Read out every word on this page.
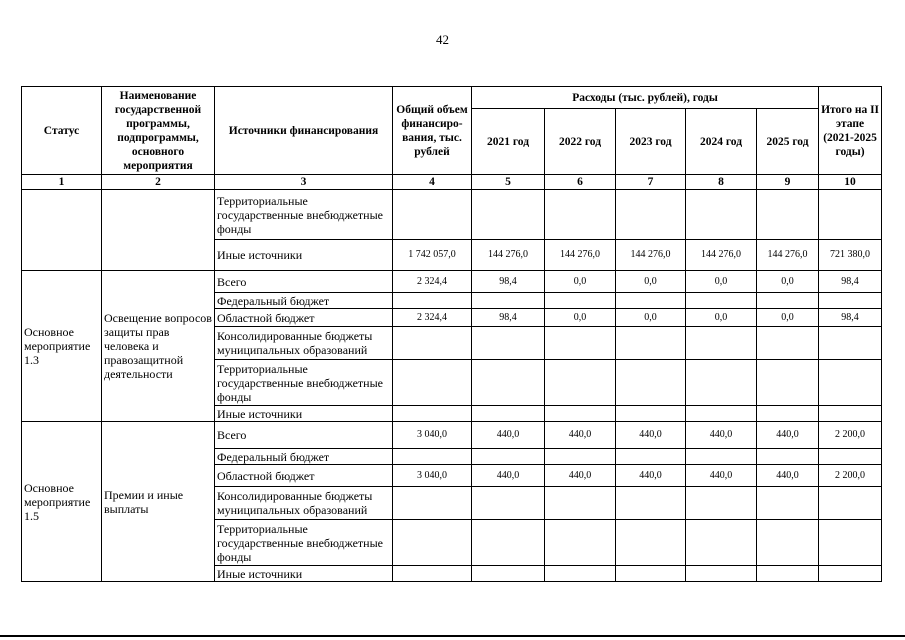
42
Статус	Наименование государственной программы, подпрограммы, основного мероприятия	Источники финансирования	Общий объем финансиро-вания, тыс. рублей	Расходы (тыс. рублей), годы					Итого на II этапе (2021-2025 годы)
				2021 год	2022 год	2023 год	2024 год	2025 год	
1	2	3	4	5	6	7	8	9	10
		Территориальные государственные внебюджетные фонды							
		Иные источники	1 742 057,0	144 276,0	144 276,0	144 276,0	144 276,0	144 276,0	721 380,0
Основное мероприятие 1.3	Освещение вопросов защиты прав человека и правозащитной деятельности	Всего	2 324,4	98,4	0,0	0,0	0,0	0,0	98,4
		Федеральный бюджет							
		Областной бюджет	2 324,4	98,4	0,0	0,0	0,0	0,0	98,4
		Консолидированные бюджеты муниципальных образований							
		Территориальные государственные внебюджетные фонды							
		Иные источники							
Основное мероприятие 1.5	Премии и иные выплаты	Всего	3 040,0	440,0	440,0	440,0	440,0	440,0	2 200,0
		Федеральный бюджет							
		Областной бюджет	3 040,0	440,0	440,0	440,0	440,0	440,0	2 200,0
		Консолидированные бюджеты муниципальных образований							
		Территориальные государственные внебюджетные фонды							
		Иные источники							
